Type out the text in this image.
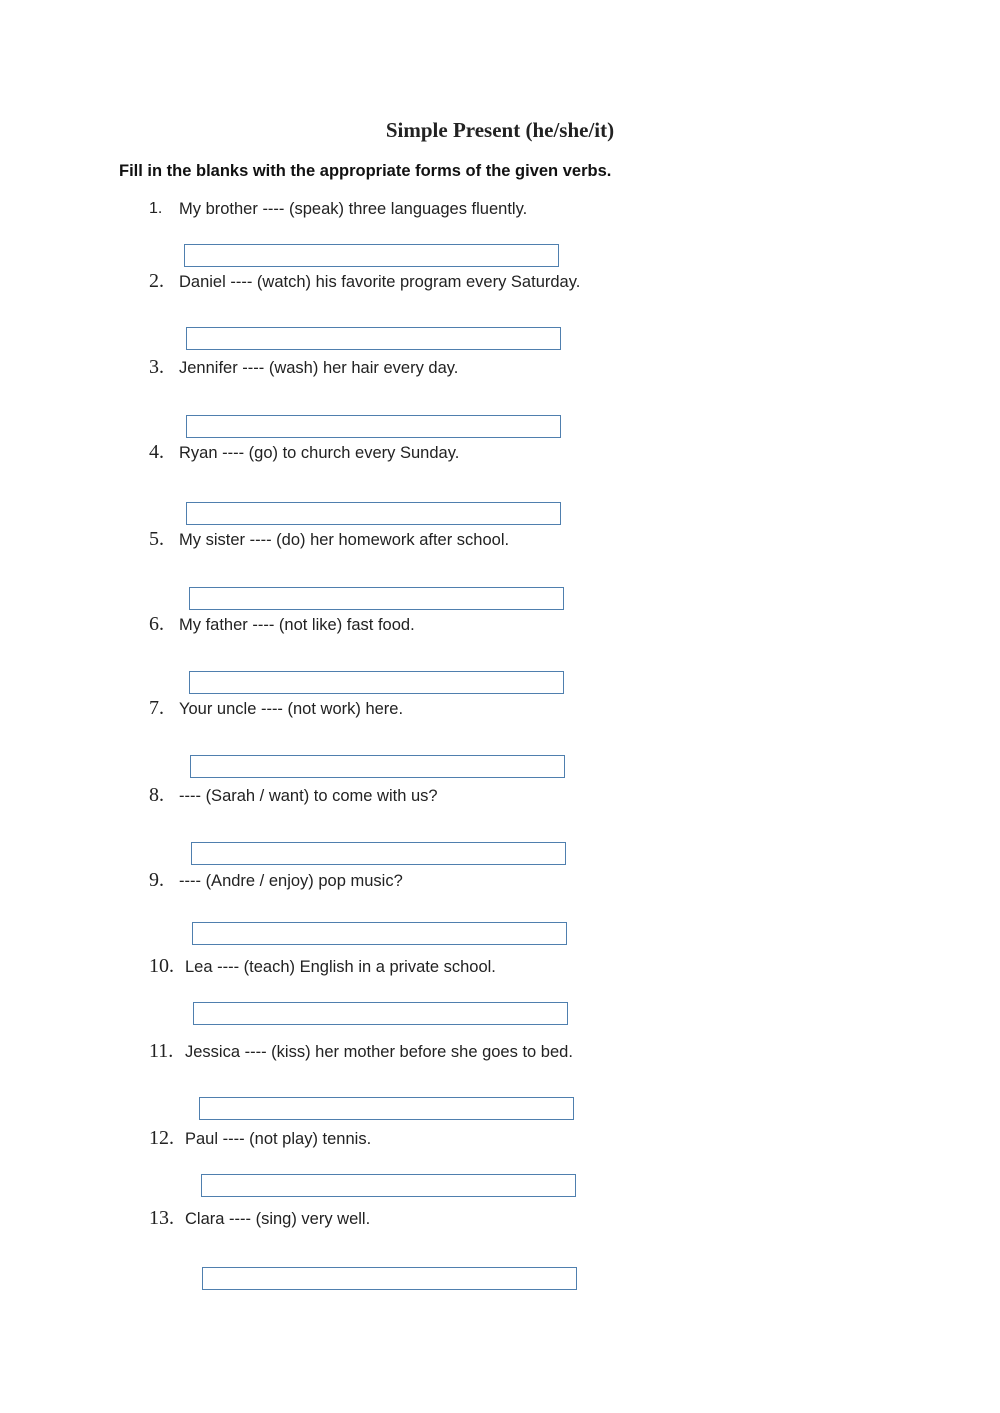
Simple Present (he/she/it)
Fill in the blanks with the appropriate forms of the given verbs.
1. My brother ---- (speak) three languages fluently.
2. Daniel ---- (watch) his favorite program every Saturday.
3. Jennifer ---- (wash) her hair every day.
4. Ryan ---- (go) to church every Sunday.
5. My sister ---- (do) her homework after school.
6. My father ---- (not like) fast food.
7. Your uncle ---- (not work) here.
8. ---- (Sarah / want) to come with us?
9. ---- (Andre / enjoy) pop music?
10. Lea ---- (teach) English in a private school.
11. Jessica ---- (kiss) her mother before she goes to bed.
12. Paul ---- (not play) tennis.
13. Clara ---- (sing) very well.
